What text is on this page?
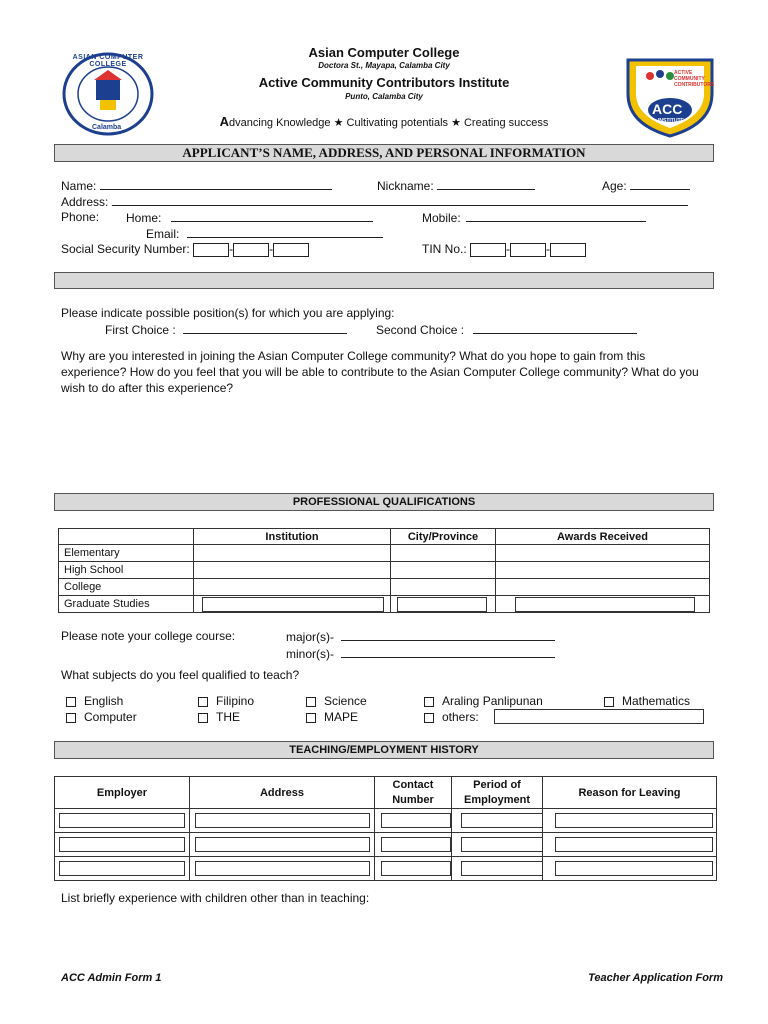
ASIAN COMPUTER COLLEGE
Calamba
ACC
ACTIVE COMMUNITY CONTRIBUTORS
INSTITUTE
Asian Computer College
Doctora St., Mayapa, Calamba City
Active Community Contributors Institute
Punto, Calamba City
Advancing Knowledge ★ Cultivating potentials ★ Creating success
APPLICANT’S NAME, ADDRESS, AND PERSONAL INFORMATION
Name:	Nickname:	Age:
Address:
Phone: Home:	Mobile:
Email:
Social Security Number:	-	-	TIN No.:	-	-
Please indicate possible position(s) for which you are applying:
First Choice :	Second Choice :
Why are you interested in joining the Asian Computer College community? What do you hope to gain from this experience? How do you feel that you will be able to contribute to the Asian Computer College community? What do you wish to do after this experience?
PROFESSIONAL QUALIFICATIONS
	Institution	City/Province	Awards Received
Elementary			
High School			
College			
Graduate Studies			
Please note your college course:	major(s)-
minor(s)-
What subjects do you feel qualified to teach?
English	Filipino	Science	Araling Panlipunan	Mathematics
Computer	THE	MAPE	others:
TEACHING/EMPLOYMENT HISTORY
Employer	Address	Contact Number	Period of Employment	Reason for Leaving

List briefly experience with children other than in teaching:
ACC Admin Form 1	Teacher Application Form
